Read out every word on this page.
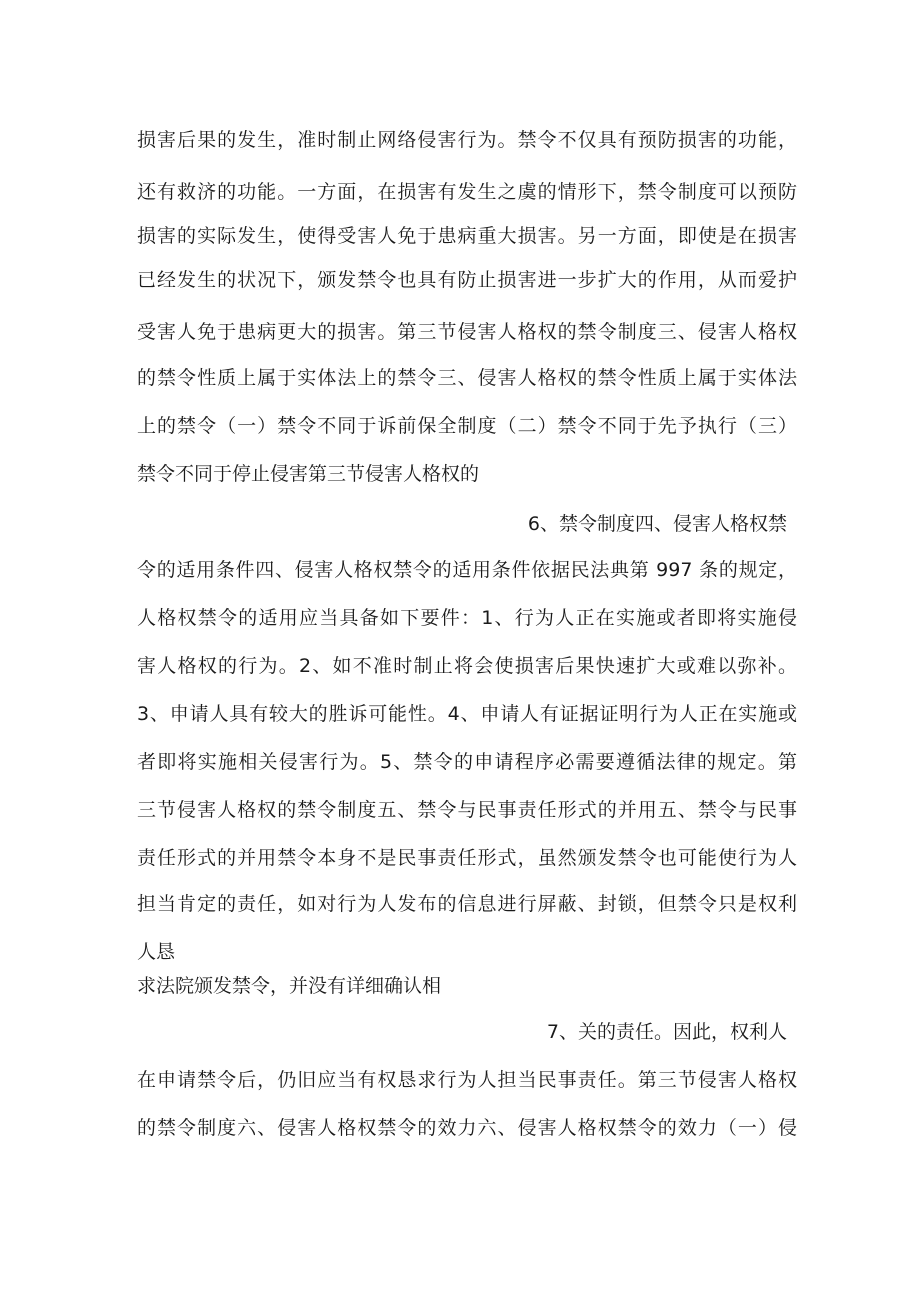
损害后果的发生，准时制止网络侵害行为。禁令不仅具有预防损害的功能，
还有救济的功能。一方面，在损害有发生之虞的情形下，禁令制度可以预防
损害的实际发生，使得受害人免于患病重大损害。另一方面，即使是在损害
已经发生的状况下，颁发禁令也具有防止损害进一步扩大的作用，从而爱护
受害人免于患病更大的损害。第三节侵害人格权的禁令制度三、侵害人格权
的禁令性质上属于实体法上的禁令三、侵害人格权的禁令性质上属于实体法
上的禁令（一）禁令不同于诉前保全制度（二）禁令不同于先予执行（三）
禁令不同于停止侵害第三节侵害人格权的
6、禁令制度四、侵害人格权禁
令的适用条件四、侵害人格权禁令的适用条件依据民法典第 997 条的规定，
人格权禁令的适用应当具备如下要件：1、行为人正在实施或者即将实施侵
害人格权的行为。2、如不准时制止将会使损害后果快速扩大或难以弥补。
3、申请人具有较大的胜诉可能性。4、申请人有证据证明行为人正在实施或
者即将实施相关侵害行为。5、禁令的申请程序必需要遵循法律的规定。第
三节侵害人格权的禁令制度五、禁令与民事责任形式的并用五、禁令与民事
责任形式的并用禁令本身不是民事责任形式，虽然颁发禁令也可能使行为人
担当肯定的责任，如对行为人发布的信息进行屏蔽、封锁，但禁令只是权利
人恳
求法院颁发禁令，并没有详细确认相
7、关的责任。因此，权利人
在申请禁令后，仍旧应当有权恳求行为人担当民事责任。第三节侵害人格权
的禁令制度六、侵害人格权禁令的效力六、侵害人格权禁令的效力（一）侵
